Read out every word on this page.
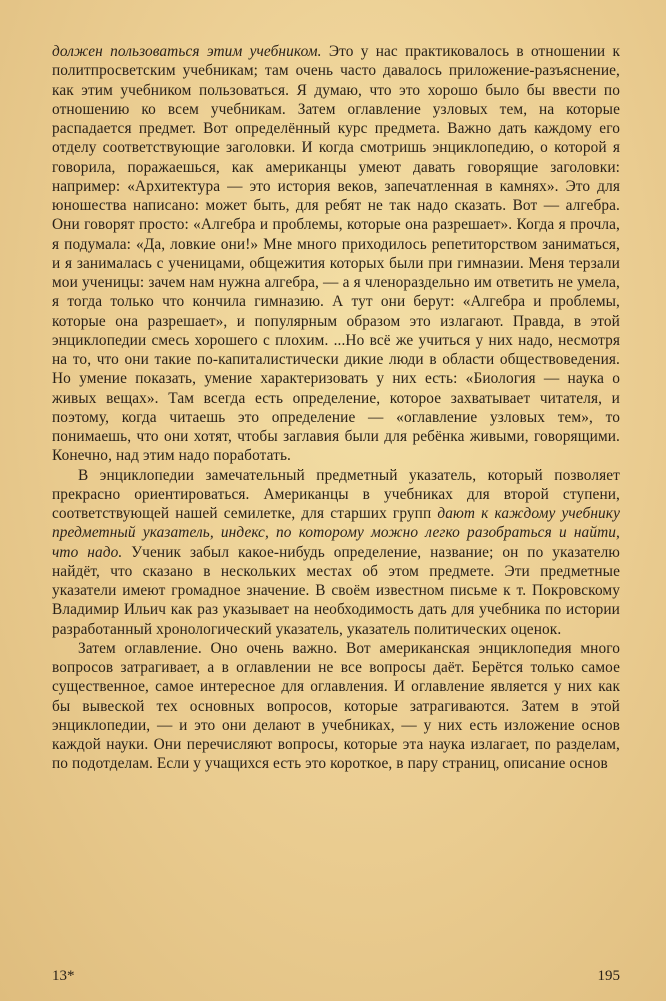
должен пользоваться этим учебником. Это у нас практиковалось в отношении к политпросветским учебникам; там очень часто давалось приложение-разъяснение, как этим учебником пользоваться. Я думаю, что это хорошо было бы ввести по отношению ко всем учебникам. Затем оглавление узловых тем, на которые распадается предмет. Вот определённый курс предмета. Важно дать каждому его отделу соответствующие заголовки. И когда смотришь энциклопедию, о которой я говорила, поражаешься, как американцы умеют давать говорящие заголовки: например: «Архитектура — это история веков, запечатленная в камнях». Это для юношества написано: может быть, для ребят не так надо сказать. Вот — алгебра. Они говорят просто: «Алгебра и проблемы, которые она разрешает». Когда я прочла, я подумала: «Да, ловкие они!» Мне много приходилось репетиторством заниматься, и я занималась с ученицами, общежития которых были при гимназии. Меня терзали мои ученицы: зачем нам нужна алгебра, — а я членораздельно им ответить не умела, я тогда только что кончила гимназию. А тут они берут: «Алгебра и проблемы, которые она разрешает», и популярным образом это излагают. Правда, в этой энциклопедии смесь хорошего с плохим. ...Но всё же учиться у них надо, несмотря на то, что они такие по-капиталистически дикие люди в области обществоведения. Но умение показать, умение характеризовать у них есть: «Биология — наука о живых вещах». Там всегда есть определение, которое захватывает читателя, и поэтому, когда читаешь это определение — «оглавление узловых тем», то понимаешь, что они хотят, чтобы заглавия были для ребёнка живыми, говорящими. Конечно, над этим надо поработать.

В энциклопедии замечательный предметный указатель, который позволяет прекрасно ориентироваться. Американцы в учебниках для второй ступени, соответствующей нашей семилетке, для старших групп дают к каждому учебнику предметный указатель, индекс, по которому можно легко разобраться и найти, что надо. Ученик забыл какое-нибудь определение, название; он по указателю найдёт, что сказано в нескольких местах об этом предмете. Эти предметные указатели имеют громадное значение. В своём известном письме к т. Покровскому Владимир Ильич как раз указывает на необходимость дать для учебника по истории разработанный хронологический указатель, указатель политических оценок.

Затем оглавление. Оно очень важно. Вот американская энциклопедия много вопросов затрагивает, а в оглавлении не все вопросы даёт. Берётся только самое существенное, самое интересное для оглавления. И оглавление является у них как бы вывеской тех основных вопросов, которые затрагиваются. Затем в этой энциклопедии, — и это они делают в учебниках, — у них есть изложение основ каждой науки. Они перечисляют вопросы, которые эта наука излагает, по разделам, по подотделам. Если у учащихся есть это короткое, в пару страниц, описание основ

13*	195
